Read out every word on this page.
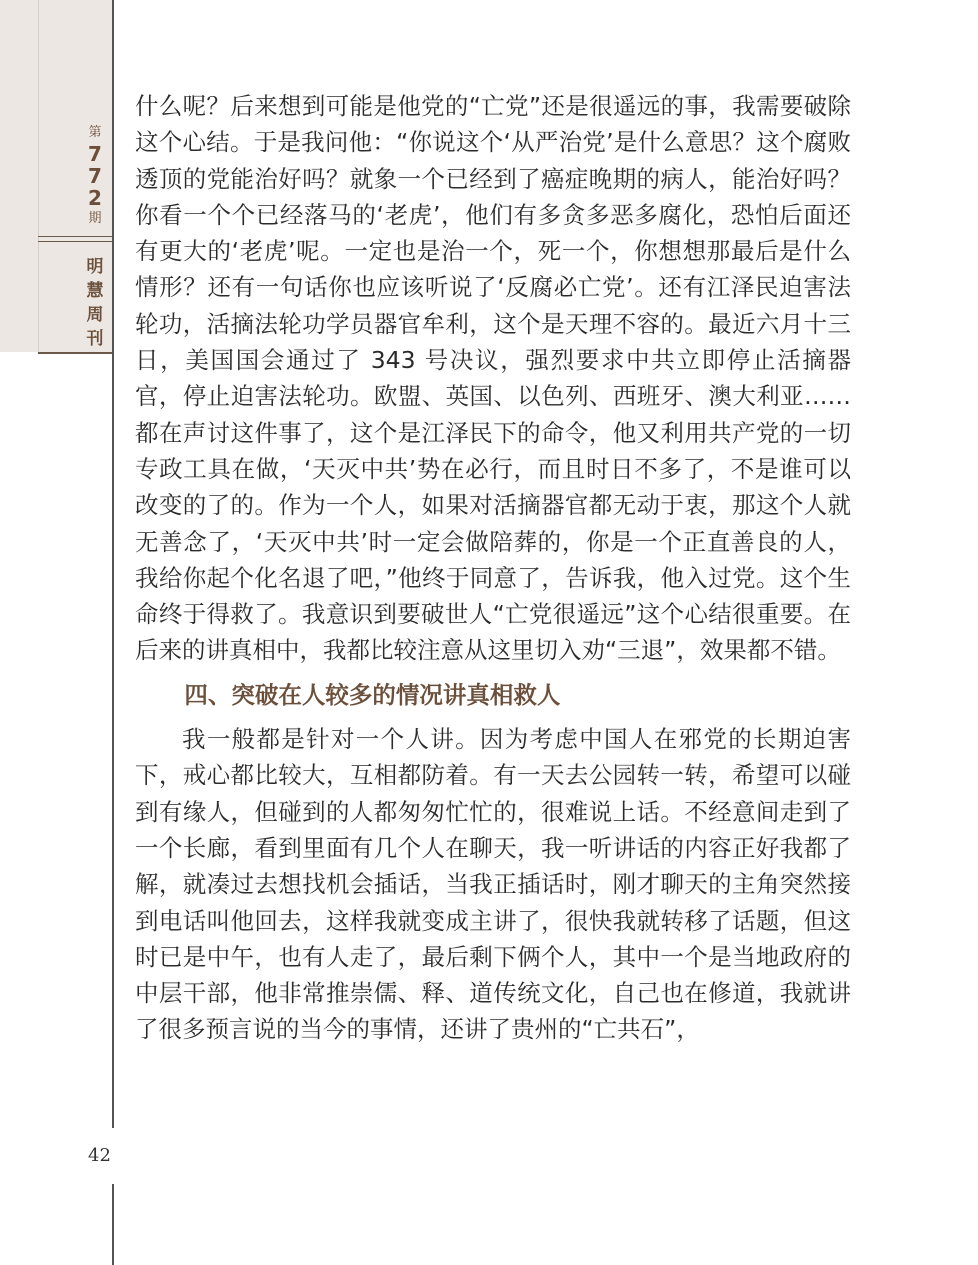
第
772
期
明慧周刊
42

什么呢？后来想到可能是他党的“亡党”还是很遥远的事，我需要破除这个心结。于是我问他：“你说这个‘从严治党’是什么意思？这个腐败透顶的党能治好吗？就象一个已经到了癌症晚期的病人，能治好吗？你看一个个已经落马的‘老虎’，他们有多贪多恶多腐化，恐怕后面还有更大的‘老虎’呢。一定也是治一个，死一个，你想想那最后是什么情形？还有一句话你也应该听说了‘反腐必亡党’。还有江泽民迫害法轮功，活摘法轮功学员器官牟利，这个是天理不容的。最近六月十三日，美国国会通过了 343 号决议，强烈要求中共立即停止活摘器官，停止迫害法轮功。欧盟、英国、以色列、西班牙、澳大利亚……都在声讨这件事了，这个是江泽民下的命令，他又利用共产党的一切专政工具在做，‘天灭中共’势在必行，而且时日不多了，不是谁可以改变的了的。作为一个人，如果对活摘器官都无动于衷，那这个人就无善念了，‘天灭中共’时一定会做陪葬的，你是一个正直善良的人，我给你起个化名退了吧，”他终于同意了，告诉我，他入过党。这个生命终于得救了。我意识到要破世人“亡党很遥远”这个心结很重要。在后来的讲真相中，我都比较注意从这里切入劝“三退”，效果都不错。

四、突破在人较多的情况讲真相救人

我一般都是针对一个人讲。因为考虑中国人在邪党的长期迫害下，戒心都比较大，互相都防着。有一天去公园转一转，希望可以碰到有缘人，但碰到的人都匆匆忙忙的，很难说上话。不经意间走到了一个长廊，看到里面有几个人在聊天，我一听讲话的内容正好我都了解，就凑过去想找机会插话，当我正插话时，刚才聊天的主角突然接到电话叫他回去，这样我就变成主讲了，很快我就转移了话题，但这时已是中午，也有人走了，最后剩下俩个人，其中一个是当地政府的中层干部，他非常推崇儒、释、道传统文化，自己也在修道，我就讲了很多预言说的当今的事情，还讲了贵州的“亡共石”，
